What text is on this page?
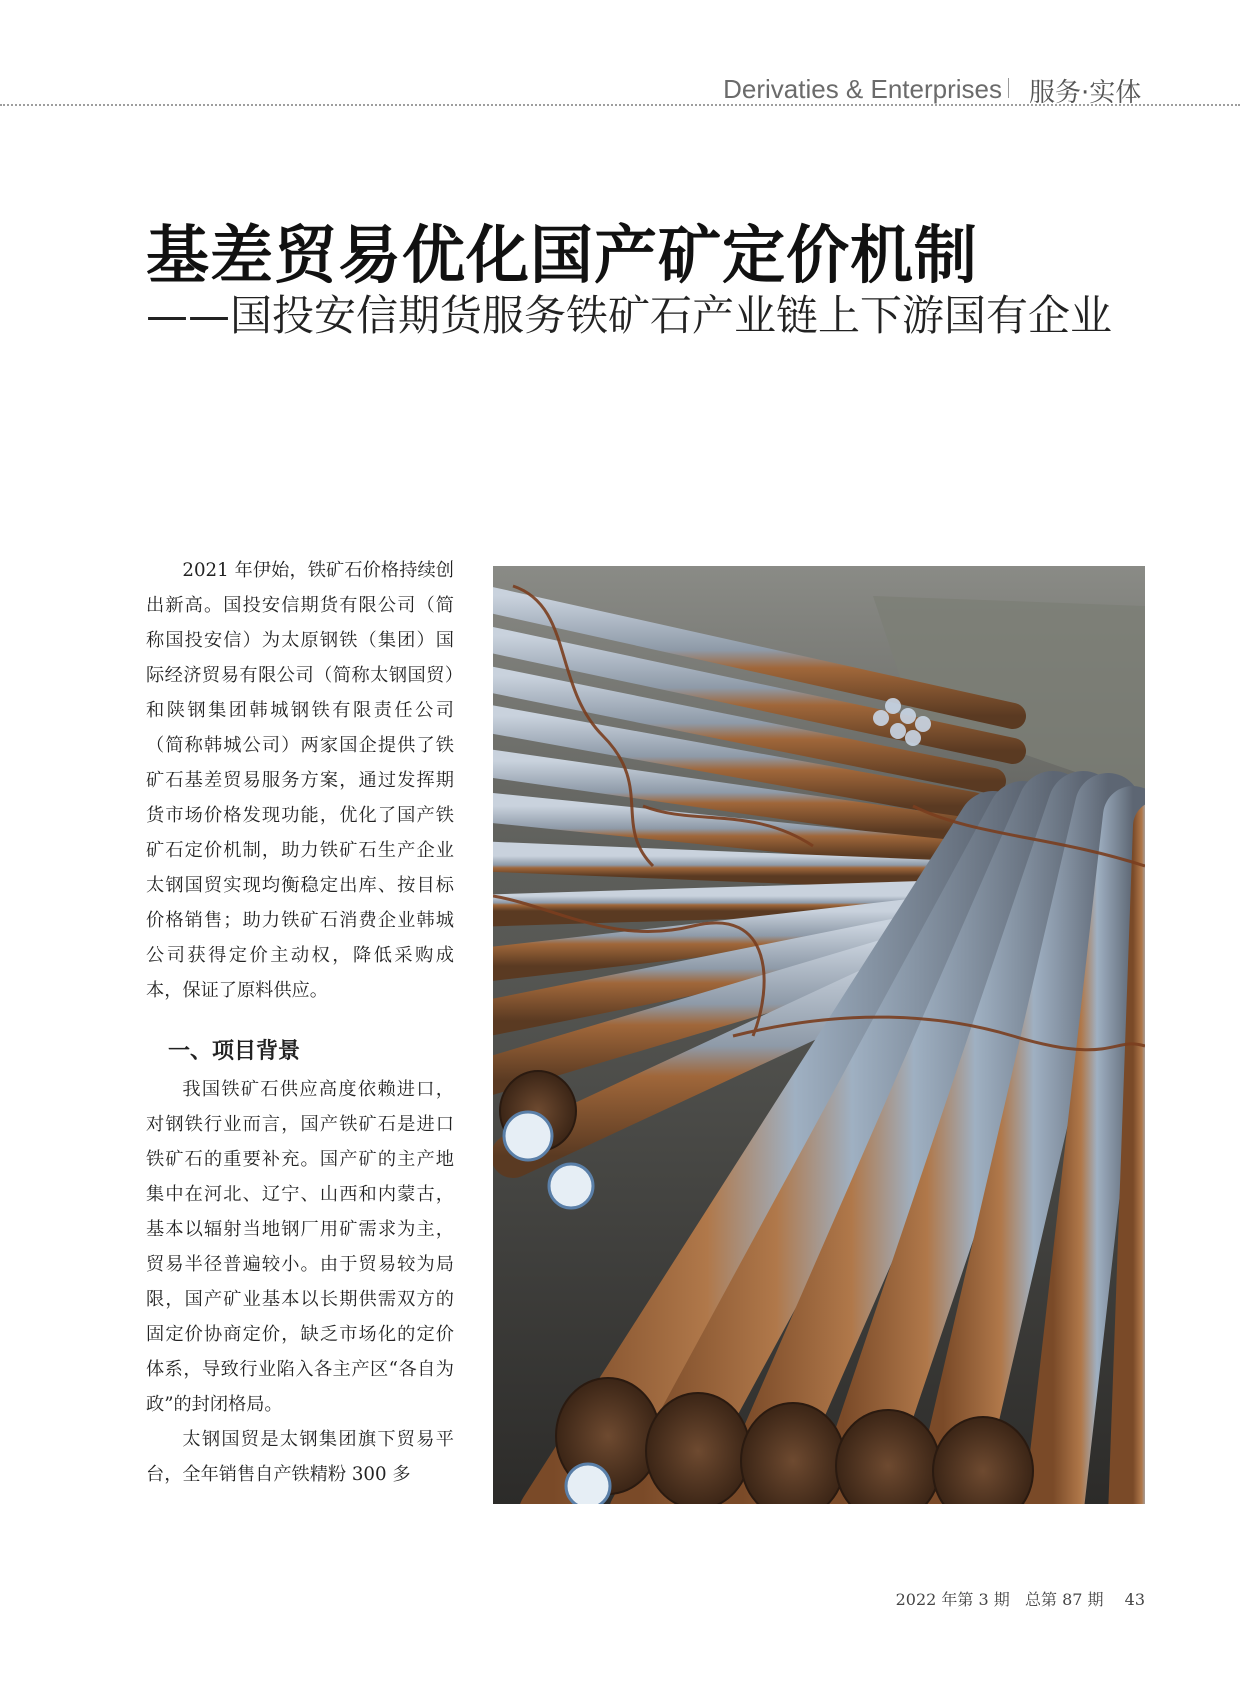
Derivaties & Enterprises 服务·实体
基差贸易优化国产矿定价机制
——国投安信期货服务铁矿石产业链上下游国有企业

2021 年伊始，铁矿石价格持续创出新高。国投安信期货有限公司（简称国投安信）为太原钢铁（集团）国际经济贸易有限公司（简称太钢国贸）和陕钢集团韩城钢铁有限责任公司（简称韩城公司）两家国企提供了铁矿石基差贸易服务方案，通过发挥期货市场价格发现功能，优化了国产铁矿石定价机制，助力铁矿石生产企业太钢国贸实现均衡稳定出库、按目标价格销售；助力铁矿石消费企业韩城公司获得定价主动权，降低采购成本，保证了原料供应。

一、项目背景

我国铁矿石供应高度依赖进口，对钢铁行业而言，国产铁矿石是进口铁矿石的重要补充。国产矿的主产地集中在河北、辽宁、山西和内蒙古，基本以辐射当地钢厂用矿需求为主，贸易半径普遍较小。由于贸易较为局限，国产矿业基本以长期供需双方的固定价协商定价，缺乏市场化的定价体系，导致行业陷入各主产区“各自为政”的封闭格局。

太钢国贸是太钢集团旗下贸易平台，全年销售自产铁精粉 300 多

2022 年第 3 期   总第 87 期 43
